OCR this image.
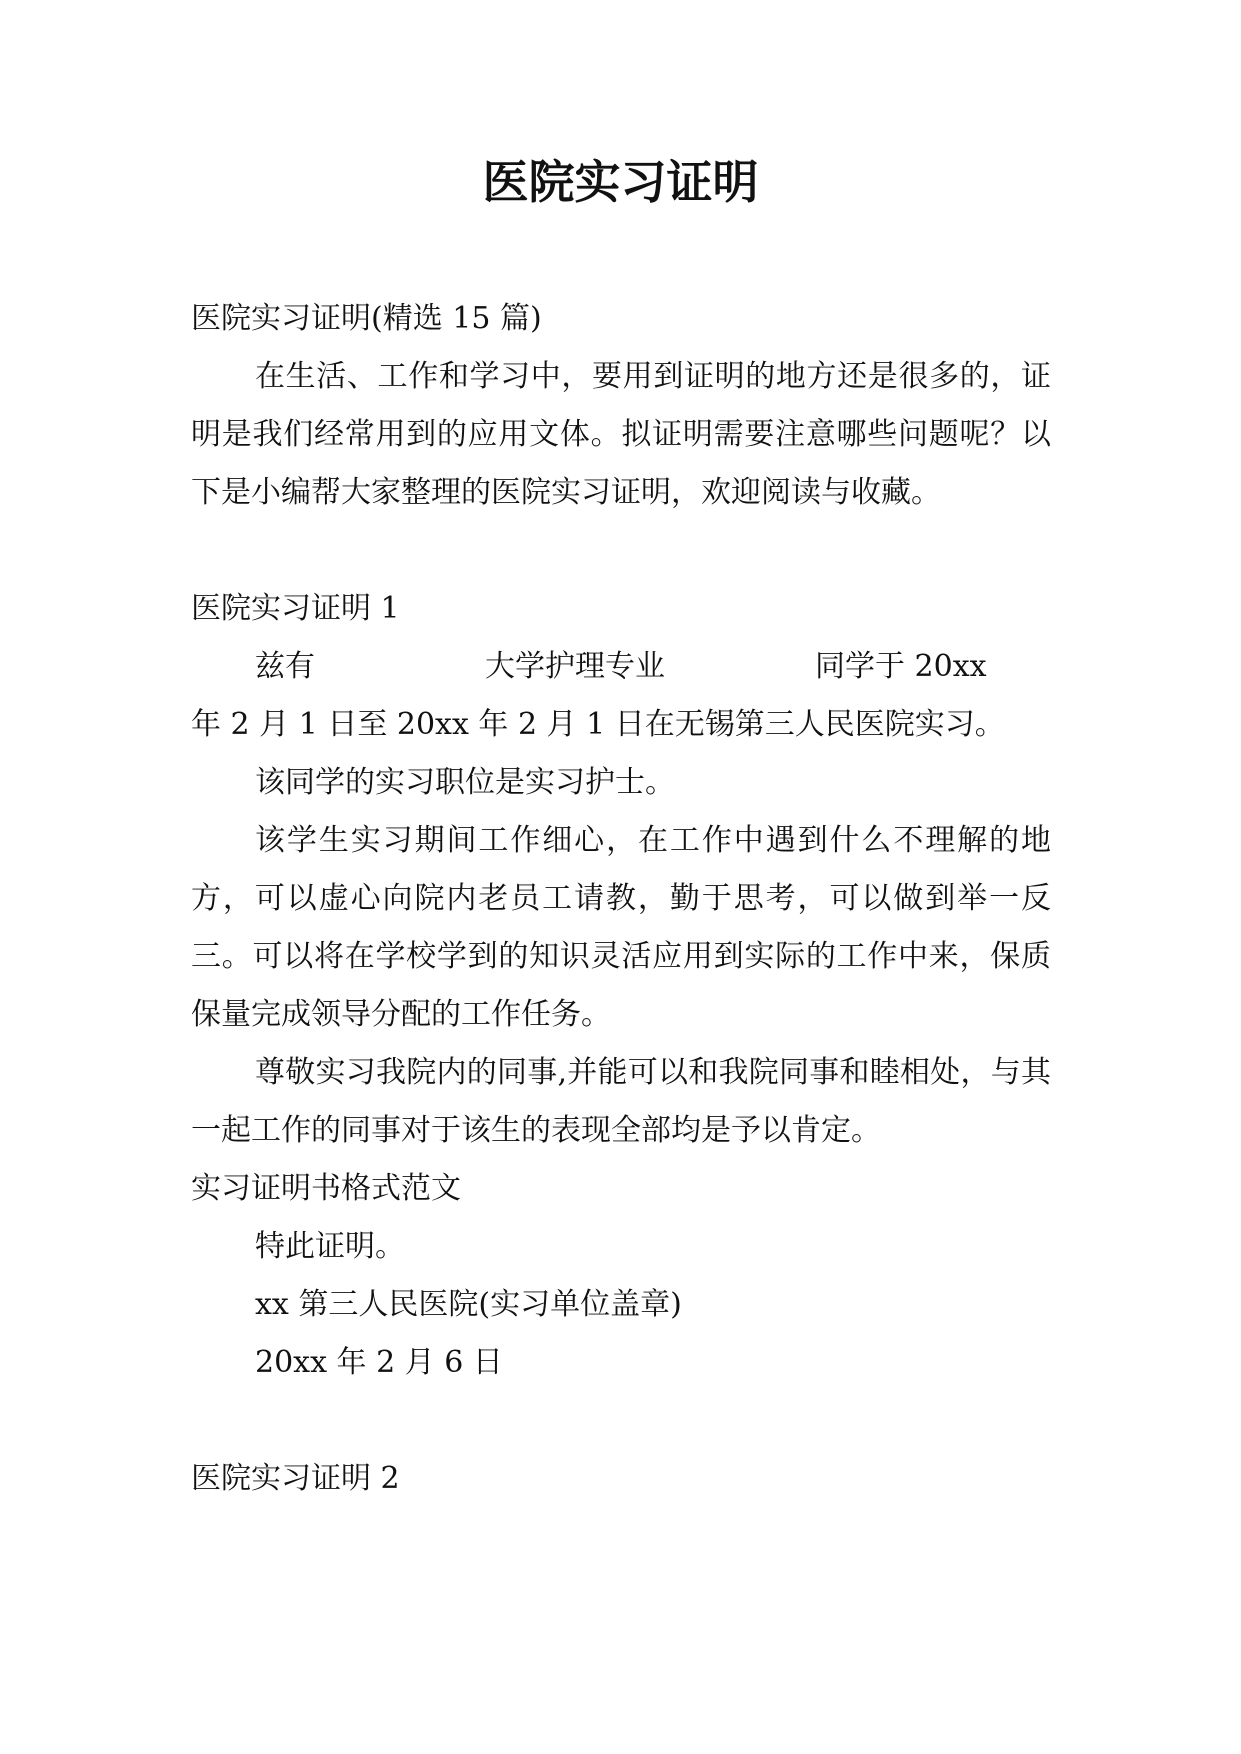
医院实习证明

医院实习证明(精选 15 篇)

在生活、工作和学习中，要用到证明的地方还是很多的，证明是我们经常用到的应用文体。拟证明需要注意哪些问题呢？以下是小编帮大家整理的医院实习证明，欢迎阅读与收藏。

医院实习证明 1

兹有	大学护理专业	同学于 20xx

年 2 月 1 日至 20xx 年 2 月 1 日在无锡第三人民医院实习。

该同学的实习职位是实习护士。

该学生实习期间工作细心，在工作中遇到什么不理解的地方，可以虚心向院内老员工请教，勤于思考，可以做到举一反三。可以将在学校学到的知识灵活应用到实际的工作中来，保质保量完成领导分配的工作任务。

尊敬实习我院内的同事,并能可以和我院同事和睦相处，与其一起工作的同事对于该生的表现全部均是予以肯定。

实习证明书格式范文

特此证明。

xx 第三人民医院(实习单位盖章)

20xx 年 2 月 6 日

医院实习证明 2
